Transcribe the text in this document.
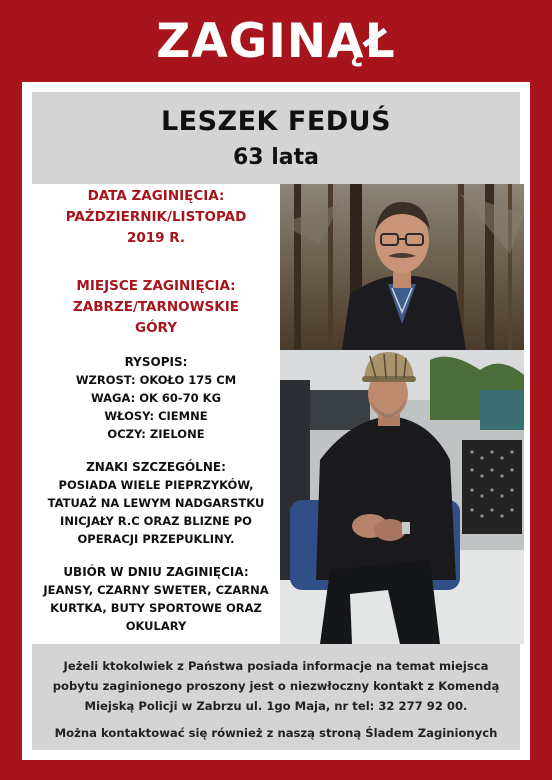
ZAGINĄŁ
LESZEK FEDUŚ
63 lata
DATA ZAGINIĘCIA:
PAŹDZIERNIK/LISTOPAD
2019 R.
MIEJSCE ZAGINIĘCIA:
ZABRZE/TARNOWSKIE
GÓRY
RYSOPIS:
WZROST: OKOŁO 175 CM
WAGA: OK 60-70 KG
WŁOSY: CIEMNE
OCZY: ZIELONE
ZNAKI SZCZEGÓLNE:
POSIADA WIELE PIEPRZYKÓW,
TATUAŻ NA LEWYM NADGARSTKU
INICJAŁY R.C ORAZ BLIZNE PO
OPERACJI PRZEPUKLINY.
UBIÓR W DNIU ZAGINIĘCIA:
JEANSY, CZARNY SWETER, CZARNA
KURTKA, BUTY SPORTOWE ORAZ
OKULARY
Jeżeli ktokolwiek z Państwa posiada informacje na temat miejsca
pobytu zaginionego proszony jest o niezwłoczny kontakt z Komendą
Miejską Policji w Zabrzu ul. 1go Maja, nr tel: 32 277 92 00.
Można kontaktować się również z naszą stroną Śladem Zaginionych
